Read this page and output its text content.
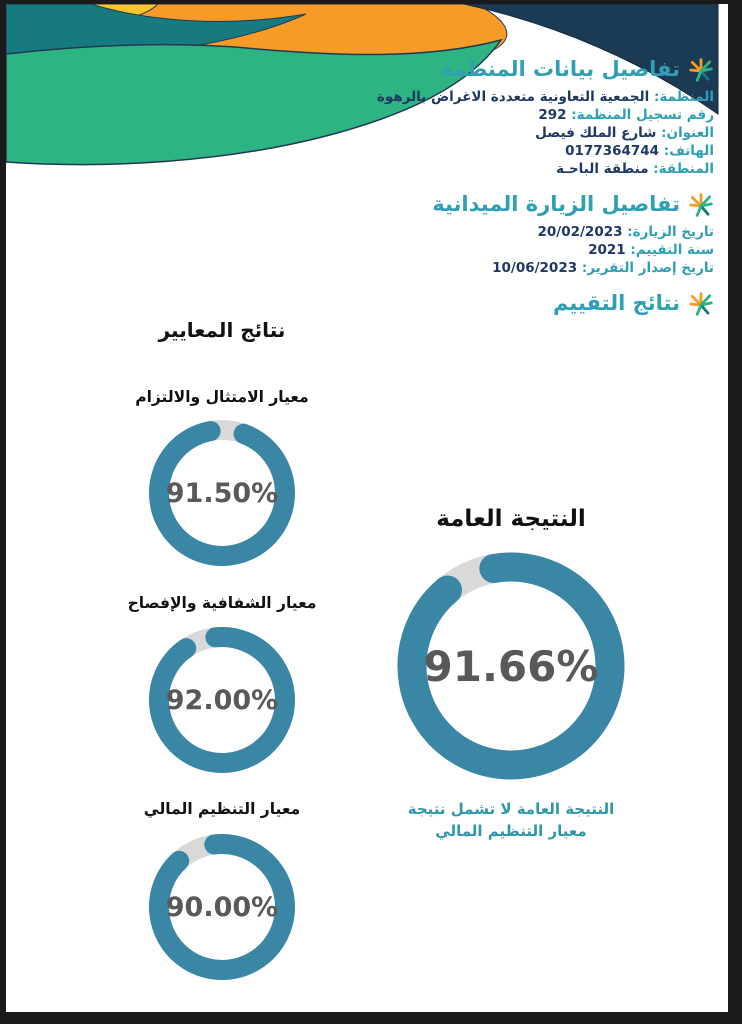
تفاصيل بيانات المنظمة
المنظمة: الجمعية التعاونية متعددة الاغراض بالرهوة
رقم تسجيل المنظمة: 292
العنوان: شارع الملك فيصل
الهاتف: 0177364744
المنطقة: منطقة الباحـة
تفاصيل الزيارة الميدانية
تاريخ الزيارة: 20/02/2023
سنة التقييم: 2021
تاريخ إصدار التقرير: 10/06/2023
نتائج التقييم
نتائج المعايير
معيار الامتثال والالتزام
91.50%
معيار الشفافية والإفصاح
92.00%
معيار التنظيم المالي
90.00%
النتيجة العامة
91.66%
النتيجة العامة لا تشمل نتيجة
معيار التنظيم المالي
